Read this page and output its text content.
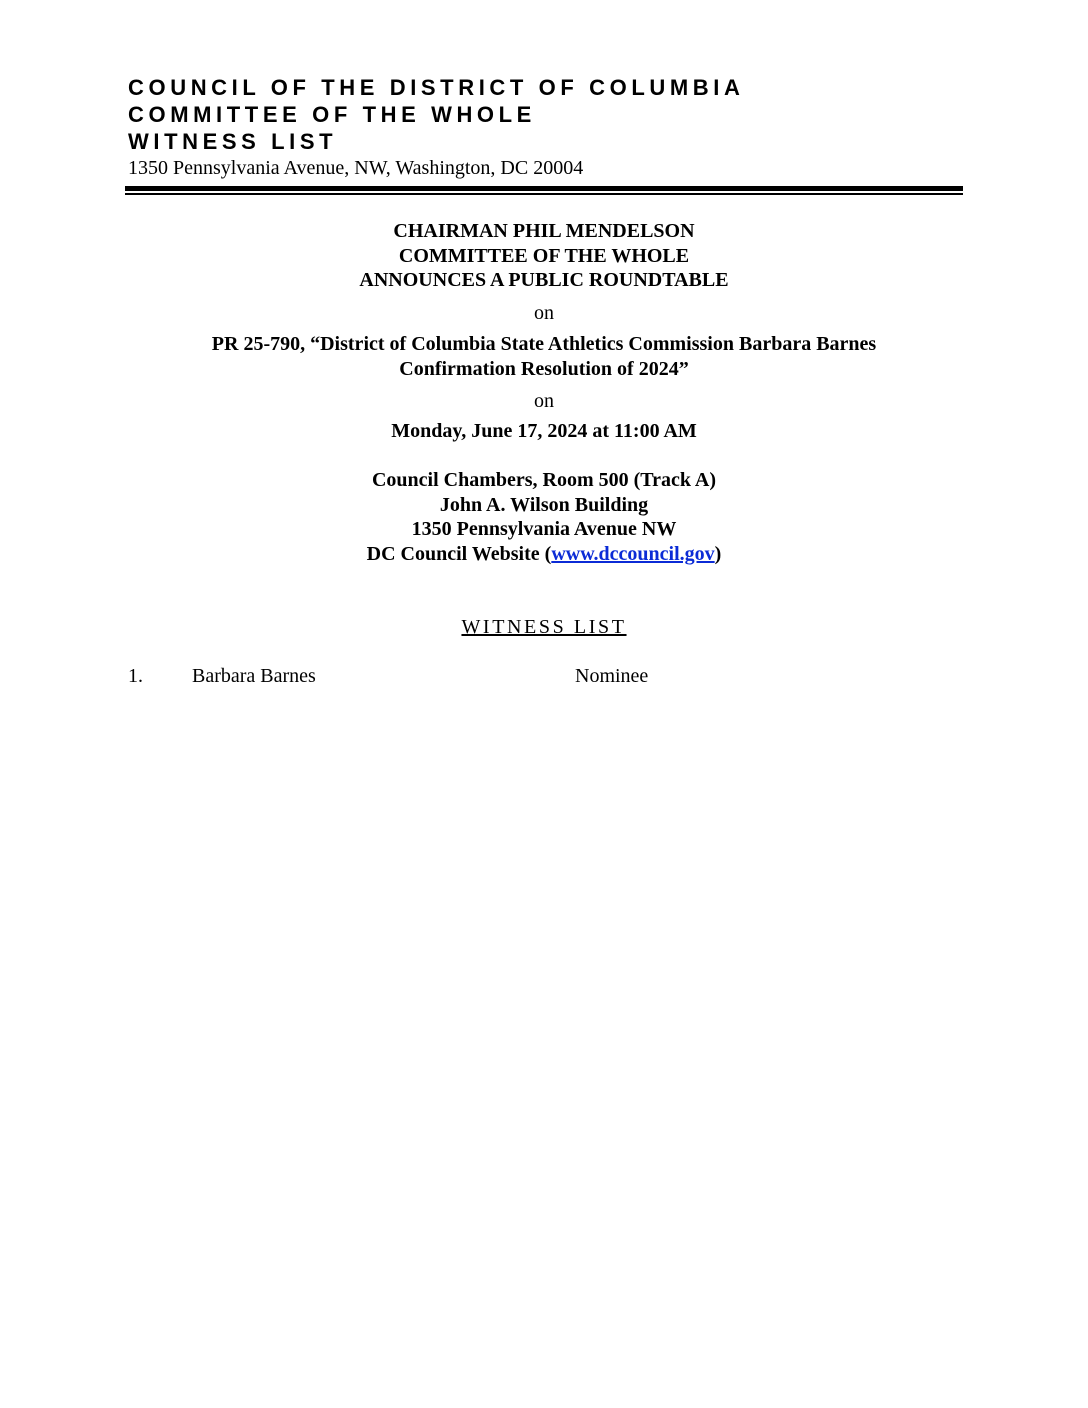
COUNCIL OF THE DISTRICT OF COLUMBIA
COMMITTEE OF THE WHOLE
WITNESS LIST
1350 Pennsylvania Avenue, NW, Washington, DC 20004
CHAIRMAN PHIL MENDELSON
COMMITTEE OF THE WHOLE
ANNOUNCES A PUBLIC ROUNDTABLE
on
PR 25-790, “District of Columbia State Athletics Commission Barbara Barnes
Confirmation Resolution of 2024”
on
Monday, June 17, 2024 at 11:00 AM
Council Chambers, Room 500 (Track A)
John A. Wilson Building
1350 Pennsylvania Avenue NW
DC Council Website (www.dccouncil.gov)
WITNESS LIST
1. Barbara Barnes	Nominee
